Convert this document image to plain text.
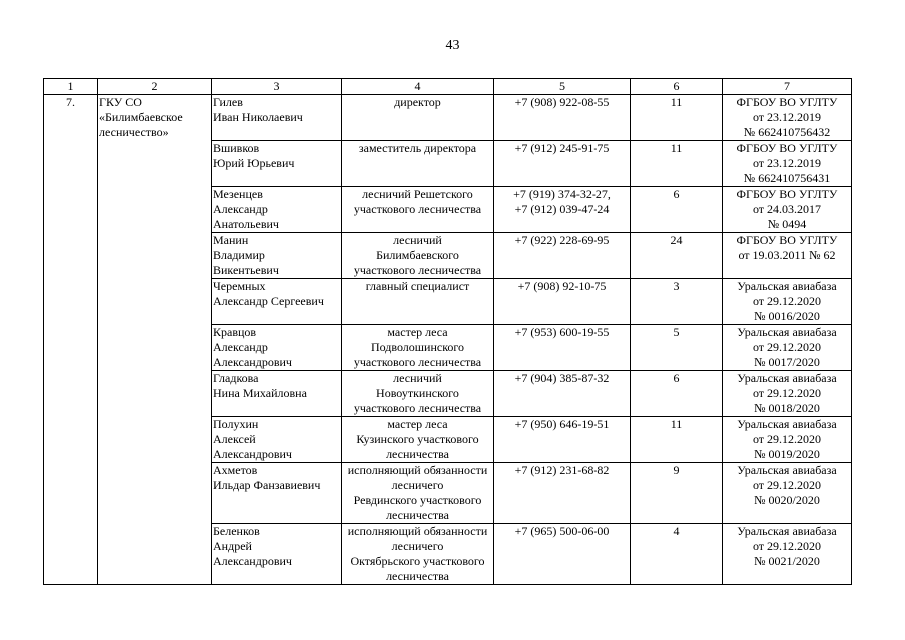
43
1	2	3	4	5	6	7
7.	ГКУ СО
«Билимбаевское
лесничество»	Гилев
Иван Николаевич	директор	+7 (908) 922-08-55	11	ФГБОУ ВО УГЛТУ
от 23.12.2019
№ 662410756432
		Вшивков
Юрий Юрьевич	заместитель директора	+7 (912) 245-91-75	11	ФГБОУ ВО УГЛТУ
от 23.12.2019
№ 662410756431
		Мезенцев
Александр
Анатольевич	лесничий Решетского
участкового лесничества	+7 (919) 374-32-27,
+7 (912) 039-47-24	6	ФГБОУ ВО УГЛТУ
от 24.03.2017
№ 0494
		Манин
Владимир
Викентьевич	лесничий
Билимбаевского
участкового лесничества	+7 (922) 228-69-95	24	ФГБОУ ВО УГЛТУ
от 19.03.2011 № 62
		Черемных
Александр Сергеевич	главный специалист	+7 (908) 92-10-75	3	Уральская авиабаза
от 29.12.2020
№ 0016/2020
		Кравцов
Александр
Александрович	мастер леса
Подволошинского
участкового лесничества	+7 (953) 600-19-55	5	Уральская авиабаза
от 29.12.2020
№ 0017/2020
		Гладкова
Нина Михайловна	лесничий
Новоуткинского
участкового лесничества	+7 (904) 385-87-32	6	Уральская авиабаза
от 29.12.2020
№ 0018/2020
		Полухин
Алексей
Александрович	мастер леса
Кузинского участкового
лесничества	+7 (950) 646-19-51	11	Уральская авиабаза
от 29.12.2020
№ 0019/2020
		Ахметов
Ильдар Фанзавиевич	исполняющий обязанности
лесничего
Ревдинского участкового
лесничества	+7 (912) 231-68-82	9	Уральская авиабаза
от 29.12.2020
№ 0020/2020
		Беленков
Андрей
Александрович	исполняющий обязанности
лесничего
Октябрьского участкового
лесничества	+7 (965) 500-06-00	4	Уральская авиабаза
от 29.12.2020
№ 0021/2020
